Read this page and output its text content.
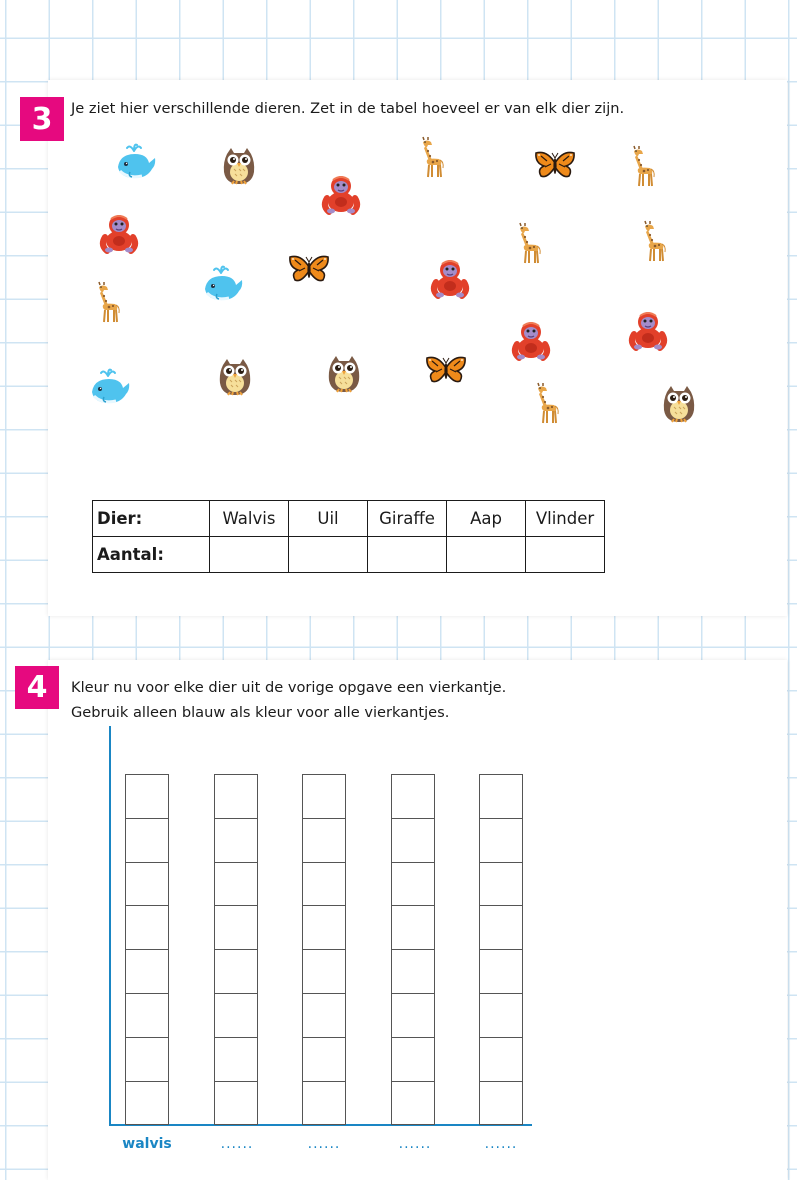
3	Je ziet hier verschillende dieren. Zet in de tabel hoeveel er van elk dier zijn.
Dier:	Walvis	Uil	Giraffe	Aap	Vlinder
Aantal:					
4	Kleur nu voor elke dier uit de vorige opgave een vierkantje.
Gebruik alleen blauw als kleur voor alle vierkantjes.
walvis	......	......	......	......
